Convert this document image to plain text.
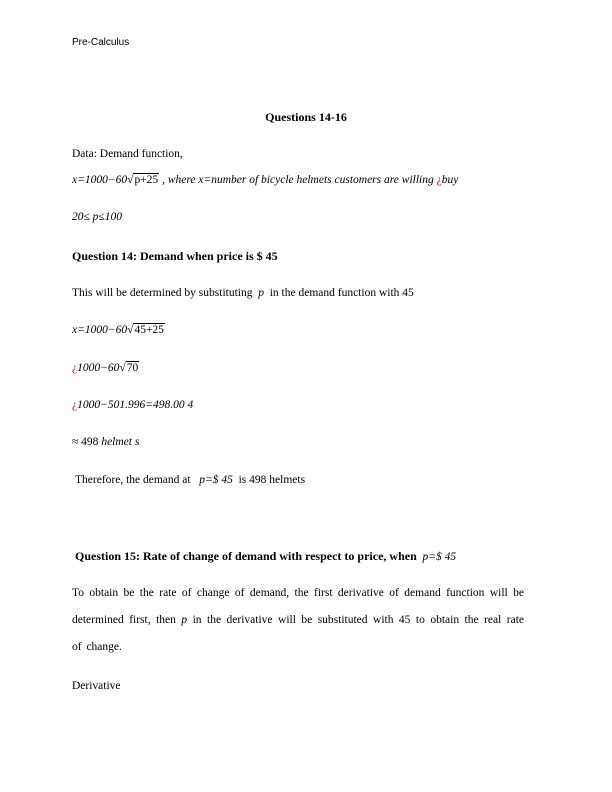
Pre-Calculus
Questions 14-16
Data: Demand function,
x=1000−60√p+25 , where x=number of bicycle helmets customers are willing ¿buy
20≤ p≤100
Question 14: Demand when price is $ 45
This will be determined by substituting p in the demand function with 45
x=1000−60√45+25
¿1000−60√70
¿1000−501.996=498.00 4
≈ 498 helmet s
Therefore, the demand at p=$ 45 is 498 helmets
Question 15: Rate of change of demand with respect to price, when p=$ 45
To obtain be the rate of change of demand, the first derivative of demand function will be determined first, then p in the derivative will be substituted with 45 to obtain the real rate of change.
Derivative
